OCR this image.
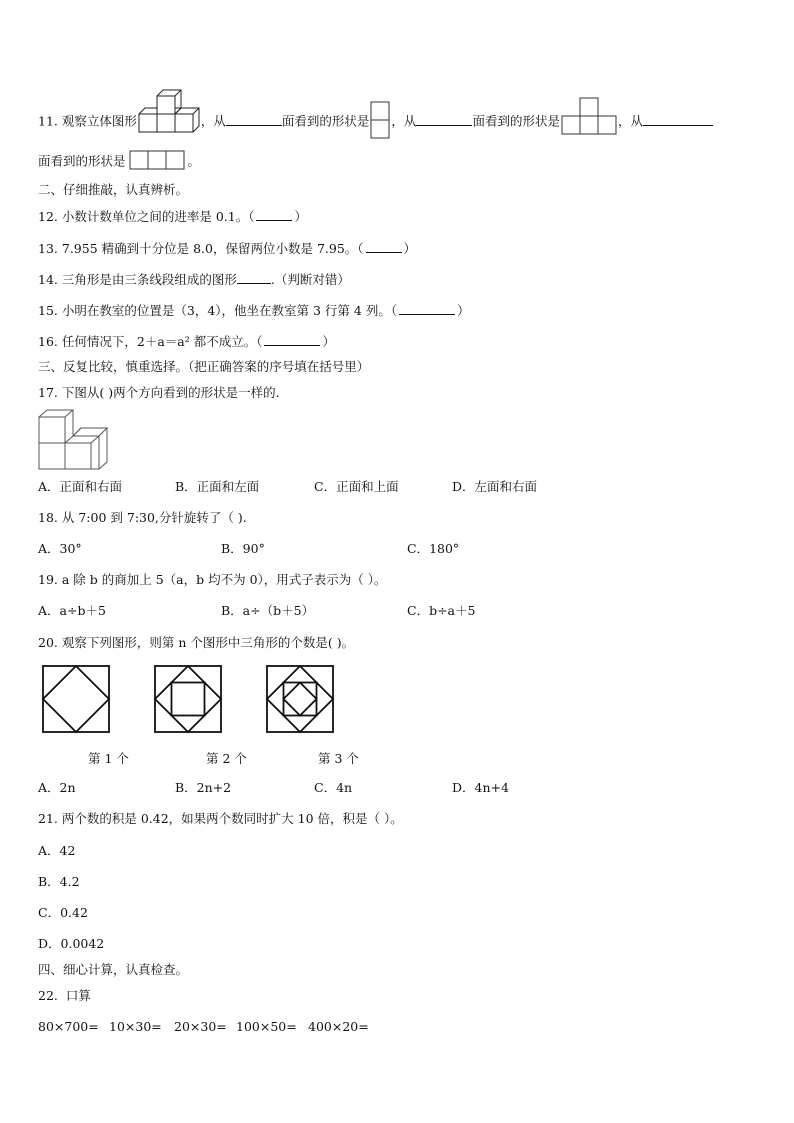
11. 观察立体图形	，从	面看到的形状是 ，从	面看到的形状是	，从
面看到的形状是	。
二、仔细推敲，认真辨析。
12. 小数计数单位之间的进率是 0.1。（	）
13. 7.955 精确到十分位是 8.0，保留两位小数是 7.95。（	）
14. 三角形是由三条线段组成的图形	.（判断对错）
15. 小明在教室的位置是（3，4），他坐在教室第 3 行第 4 列。（	）
16. 任何情况下，2＋a＝a² 都不成立。（	）
三、反复比较，慎重选择。（把正确答案的序号填在括号里）
17. 下图从( )两个方向看到的形状是一样的.
A．正面和右面	B．正面和左面	C．正面和上面	D．左面和右面
18. 从 7:00 到 7:30,分针旋转了（ ).
A．30°	B．90°	C．180°
19. a 除 b 的商加上 5（a，b 均不为 0），用式子表示为（ ）。
A．a÷b＋5	B．a÷（b＋5）	C．b÷a＋5
20. 观察下列图形，则第 n 个图形中三角形的个数是( )。
第 1 个	第 2 个	第 3 个
A．2n	B．2n+2	C．4n	D．4n+4
21. 两个数的积是 0.42，如果两个数同时扩大 10 倍，积是（ ）。
A．42
B．4.2
C．0.42
D．0.0042
四、细心计算，认真检查。
22. 口算
80×700= 10×30= 20×30= 100×50= 400×20=
